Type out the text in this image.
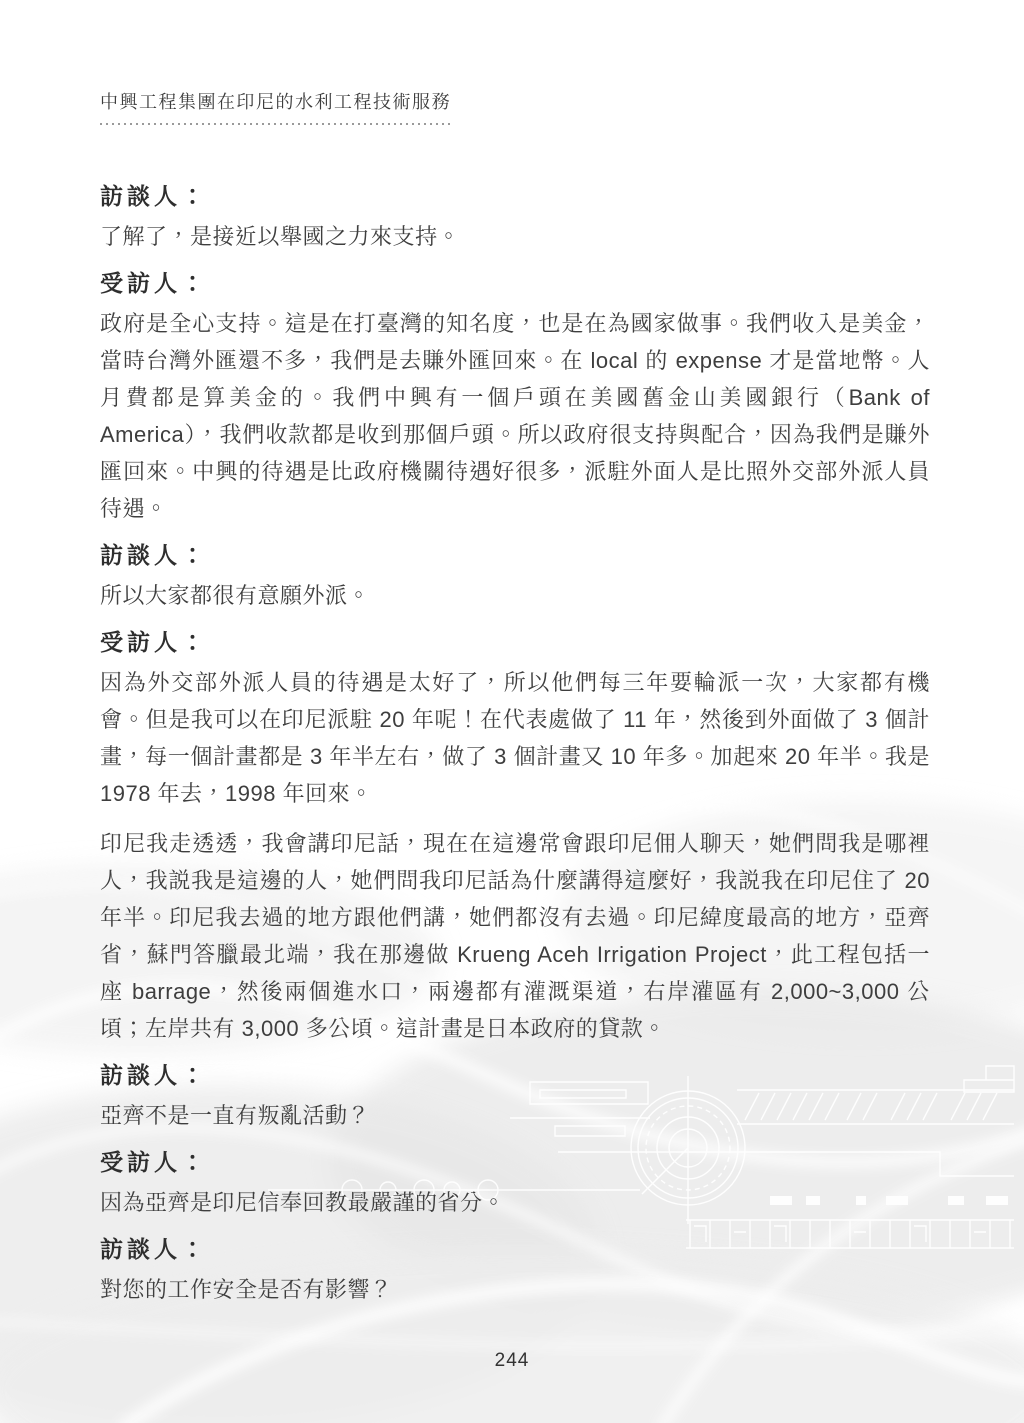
中興工程集團在印尼的水利工程技術服務
訪談人：

了解了，是接近以舉國之力來支持。

受訪人：

政府是全心支持。這是在打臺灣的知名度，也是在為國家做事。我們收入是美金，當時台灣外匯還不多，我們是去賺外匯回來。在 local 的 expense 才是當地幣。人月費都是算美金的。我們中興有一個戶頭在美國舊金山美國銀行（Bank of America），我們收款都是收到那個戶頭。所以政府很支持與配合，因為我們是賺外匯回來。中興的待遇是比政府機關待遇好很多，派駐外面人是比照外交部外派人員待遇。

訪談人：

所以大家都很有意願外派。

受訪人：

因為外交部外派人員的待遇是太好了，所以他們每三年要輪派一次，大家都有機會。但是我可以在印尼派駐 20 年呢！在代表處做了 11 年，然後到外面做了 3 個計畫，每一個計畫都是 3 年半左右，做了 3 個計畫又 10 年多。加起來 20 年半。我是 1978 年去，1998 年回來。

印尼我走透透，我會講印尼話，現在在這邊常會跟印尼佣人聊天，她們問我是哪裡人，我説我是這邊的人，她們問我印尼話為什麼講得這麼好，我説我在印尼住了 20 年半。印尼我去過的地方跟他們講，她們都沒有去過。印尼緯度最高的地方，亞齊省，蘇門答臘最北端，我在那邊做 Krueng Aceh Irrigation Project，此工程包括一座 barrage，然後兩個進水口，兩邊都有灌溉渠道，右岸灌區有 2,000~3,000 公頃；左岸共有 3,000 多公頃。這計畫是日本政府的貸款。

訪談人：

亞齊不是一直有叛亂活動？

受訪人：

因為亞齊是印尼信奉回教最嚴謹的省分。

訪談人：

對您的工作安全是否有影響？

244
